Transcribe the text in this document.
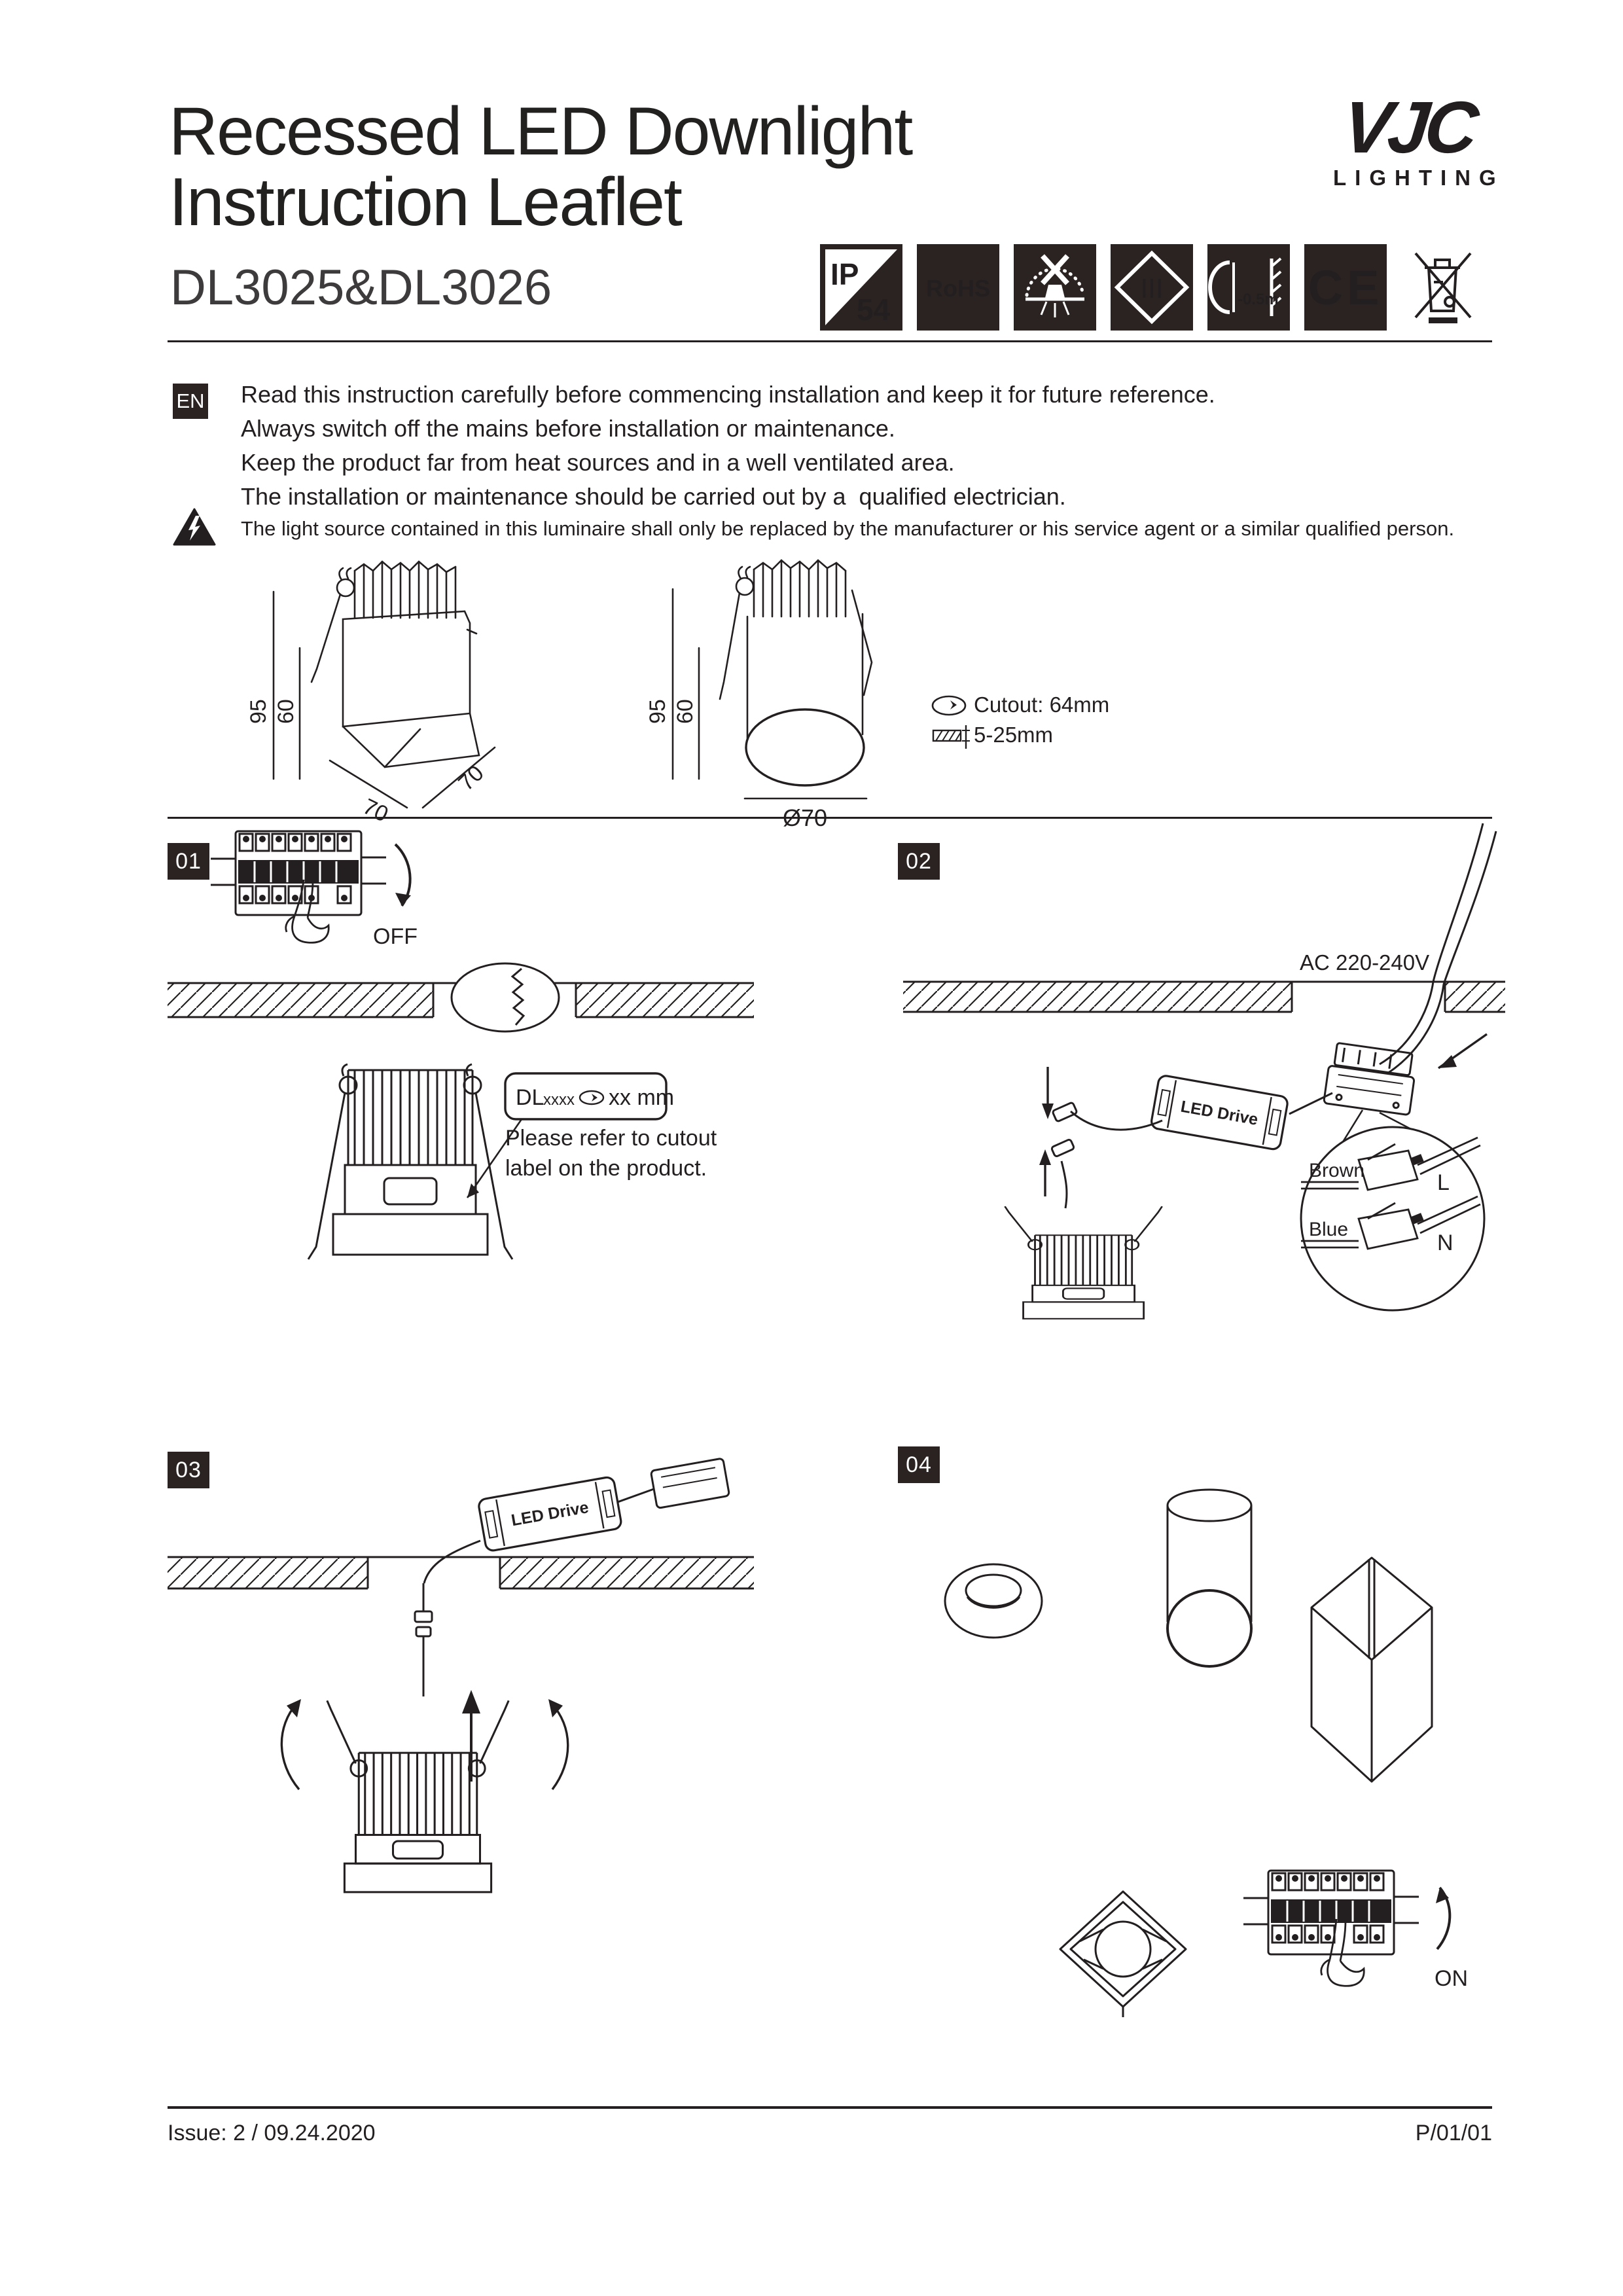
Recessed LED Downlight
Instruction Leaflet
DL3025&DL3026
VJC
LIGHTING
IP
54
RoHS	III	-0.5m CE
EN Read this instruction carefully before commencing installation and keep it for future reference.
Always switch off the mains before installation or maintenance.
Keep the product far from heat sources and in a well ventilated area.
The installation or maintenance should be carried out by a  qualified electrician.
The light source contained in this luminaire shall only be replaced by the manufacturer or his service agent or a similar qualified person.
95 60
70
70
95 60
Ø70
Cutout: 64mm
5-25mm
01
OFF
DL
xxxx xx mm
Please refer to cutout
label on the product.
02
AC 220-240V
LED Drive
Brown	L
Blue
N
03
LED Drive
04
ON
Issue: 2 / 09.24.2020	P/01/01
